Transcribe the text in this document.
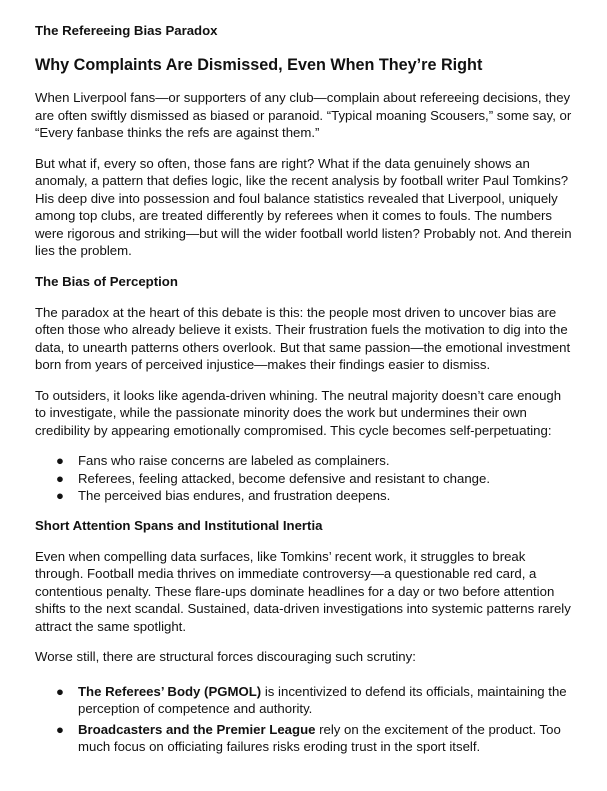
The Refereeing Bias Paradox
Why Complaints Are Dismissed, Even When They’re Right

When Liverpool fans—or supporters of any club—complain about refereeing decisions, they are often swiftly dismissed as biased or paranoid. “Typical moaning Scousers,” some say, or “Every fanbase thinks the refs are against them.”

But what if, every so often, those fans are right? What if the data genuinely shows an anomaly, a pattern that defies logic, like the recent analysis by football writer Paul Tomkins? His deep dive into possession and foul balance statistics revealed that Liverpool, uniquely among top clubs, are treated differently by referees when it comes to fouls. The numbers were rigorous and striking—but will the wider football world listen? Probably not. And therein lies the problem.

The Bias of Perception

The paradox at the heart of this debate is this: the people most driven to uncover bias are often those who already believe it exists. Their frustration fuels the motivation to dig into the data, to unearth patterns others overlook. But that same passion—the emotional investment born from years of perceived injustice—makes their findings easier to dismiss.

To outsiders, it looks like agenda-driven whining. The neutral majority doesn’t care enough to investigate, while the passionate minority does the work but undermines their own credibility by appearing emotionally compromised. This cycle becomes self-perpetuating:

● Fans who raise concerns are labeled as complainers.
● Referees, feeling attacked, become defensive and resistant to change.
● The perceived bias endures, and frustration deepens.
Short Attention Spans and Institutional Inertia

Even when compelling data surfaces, like Tomkins’ recent work, it struggles to break through. Football media thrives on immediate controversy—a questionable red card, a contentious penalty. These flare-ups dominate headlines for a day or two before attention shifts to the next scandal. Sustained, data-driven investigations into systemic patterns rarely attract the same spotlight.

Worse still, there are structural forces discouraging such scrutiny:

● The Referees’ Body (PGMOL) is incentivized to defend its officials, maintaining the perception of competence and authority.
● Broadcasters and the Premier League rely on the excitement of the product. Too much focus on officiating failures risks eroding trust in the sport itself.
